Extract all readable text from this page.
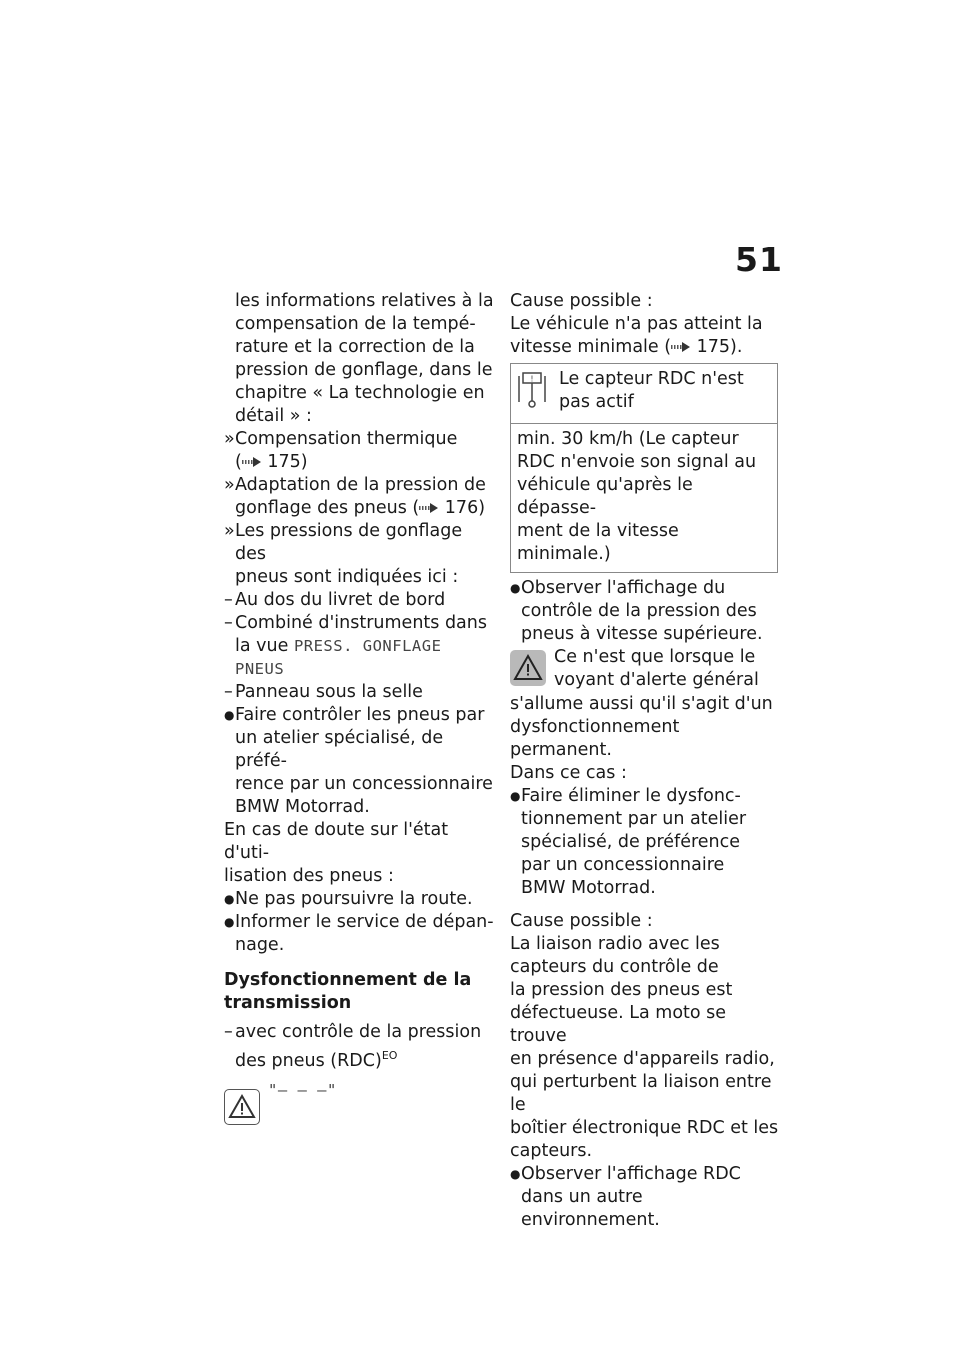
51
les informations relatives à la
compensation de la tempé-
rature et la correction de la
pression de gonflage, dans le
chapitre « La technologie en
détail » :
» Compensation thermique
( 175)
» Adaptation de la pression de
gonflage des pneus ( 176)
» Les pressions de gonflage des
pneus sont indiquées ici :
– Au dos du livret de bord
– Combiné d'instruments dans
la vue PRESS. GONFLAGE
PNEUS
– Panneau sous la selle
● Faire contrôler les pneus par
un atelier spécialisé, de préfé-
rence par un concessionnaire
BMW Motorrad.
En cas de doute sur l'état d'uti-
lisation des pneus :
● Ne pas poursuivre la route.
● Informer le service de dépan-
nage.
Dysfonctionnement de la
transmission
– avec contrôle de la pression
des pneus (RDC)$^{EO}$
"– – –"
Cause possible :
Le véhicule n'a pas atteint la
vitesse minimale ( 175).
! Le capteur RDC n'est
pas actif
min. 30 km/h (Le capteur
RDC n'envoie son signal au
véhicule qu'après le dépasse-
ment de la vitesse minimale.)
● Observer l'affichage du
contrôle de la pression des
pneus à vitesse supérieure.
Ce n'est que lorsque le
voyant d'alerte général
s'allume aussi qu'il s'agit d'un
dysfonctionnement permanent.
Dans ce cas :
● Faire éliminer le dysfonc-
tionnement par un atelier
spécialisé, de préférence
par un concessionnaire
BMW Motorrad.
Cause possible :
La liaison radio avec les
capteurs du contrôle de
la pression des pneus est
défectueuse. La moto se trouve
en présence d'appareils radio,
qui perturbent la liaison entre le
boîtier électronique RDC et les
capteurs.
● Observer l'affichage RDC
dans un autre environnement.
